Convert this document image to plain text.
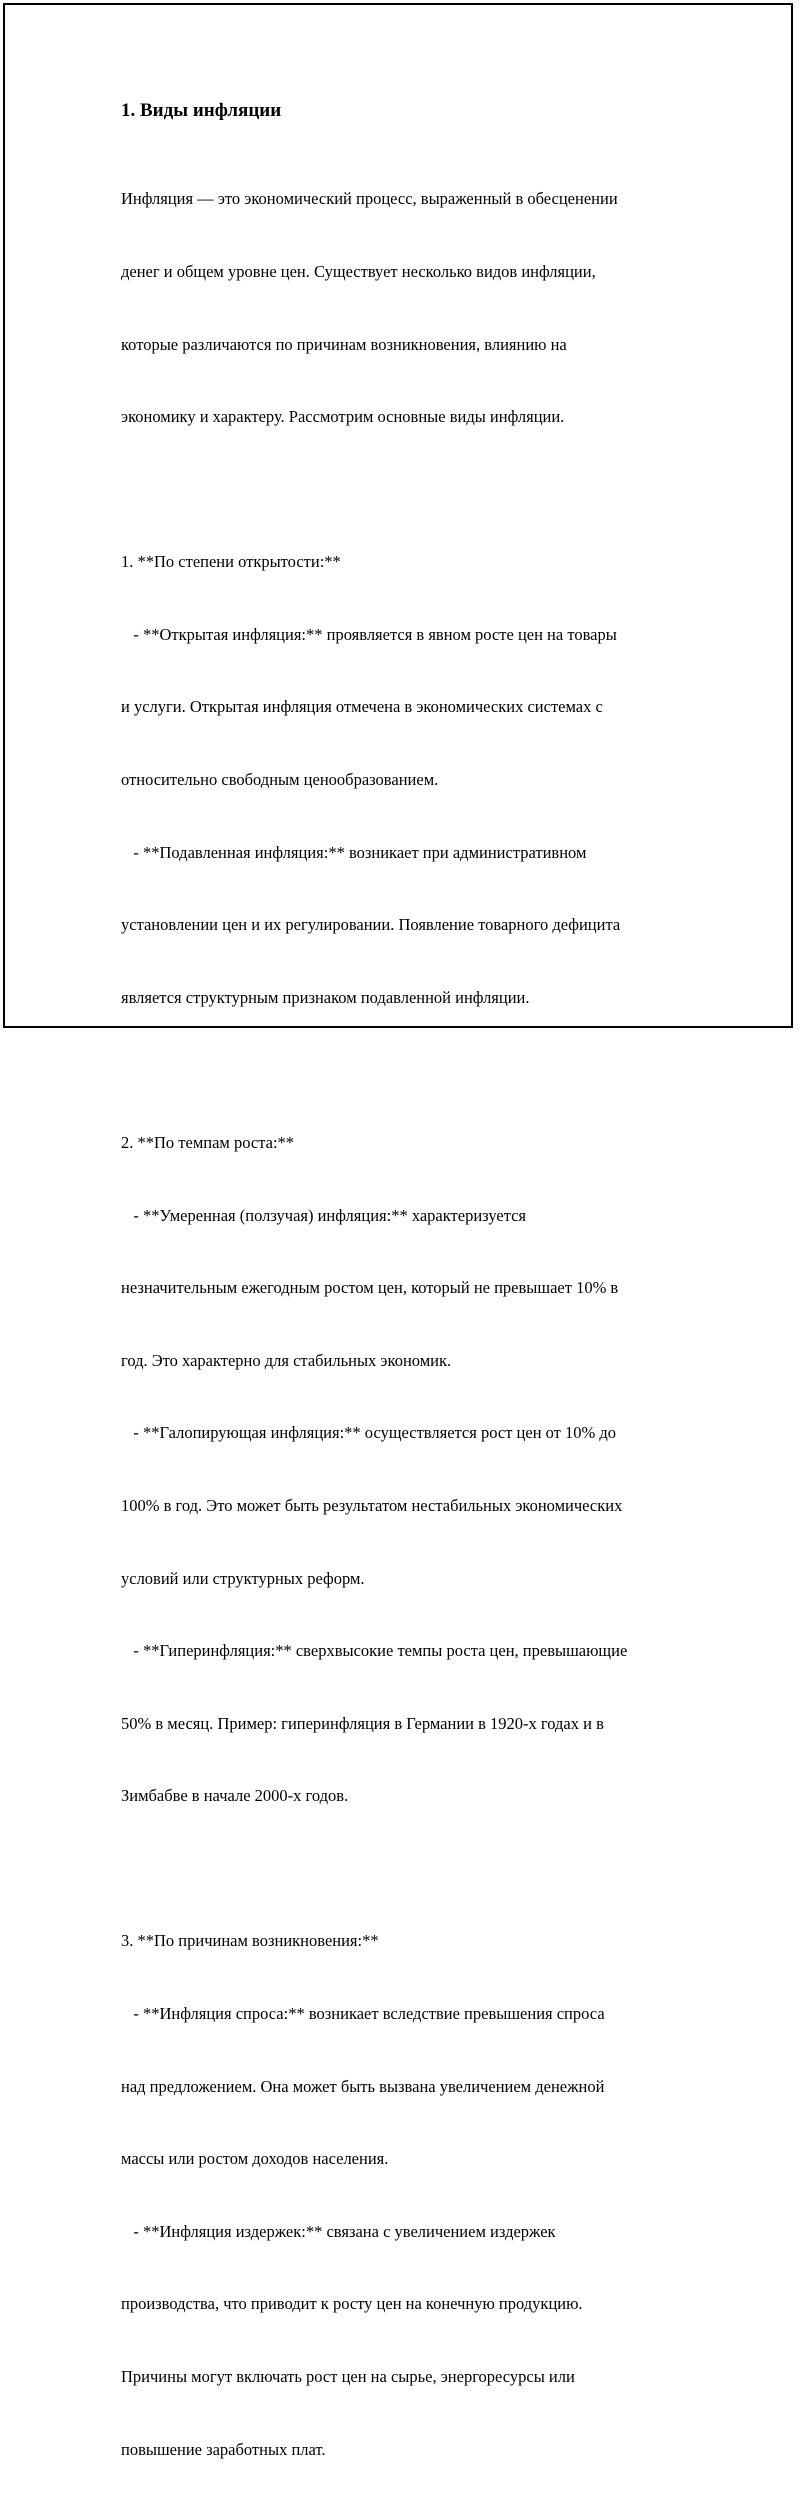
1. Виды инфляции

Инфляция — это экономический процесс, выраженный в обесценении

денег и общем уровне цен. Существует несколько видов инфляции,

которые различаются по причинам возникновения, влиянию на

экономику и характеру. Рассмотрим основные виды инфляции.

1. **По степени открытости:**

- **Открытая инфляция:** проявляется в явном росте цен на товары

и услуги. Открытая инфляция отмечена в экономических системах с

относительно свободным ценообразованием.

- **Подавленная инфляция:** возникает при административном

установлении цен и их регулировании. Появление товарного дефицита

является структурным признаком подавленной инфляции.

2. **По темпам роста:**

- **Умеренная (ползучая) инфляция:** характеризуется

незначительным ежегодным ростом цен, который не превышает 10% в

год. Это характерно для стабильных экономик.

- **Галопирующая инфляция:** осуществляется рост цен от 10% до

100% в год. Это может быть результатом нестабильных экономических

условий или структурных реформ.

- **Гиперинфляция:** сверхвысокие темпы роста цен, превышающие

50% в месяц. Пример: гиперинфляция в Германии в 1920-х годах и в

Зимбабве в начале 2000-х годов.

3. **По причинам возникновения:**

- **Инфляция спроса:** возникает вследствие превышения спроса

над предложением. Она может быть вызвана увеличением денежной

массы или ростом доходов населения.

- **Инфляция издержек:** связана с увеличением издержек

производства, что приводит к росту цен на конечную продукцию.

Причины могут включать рост цен на сырье, энергоресурсы или

повышение заработных плат.
